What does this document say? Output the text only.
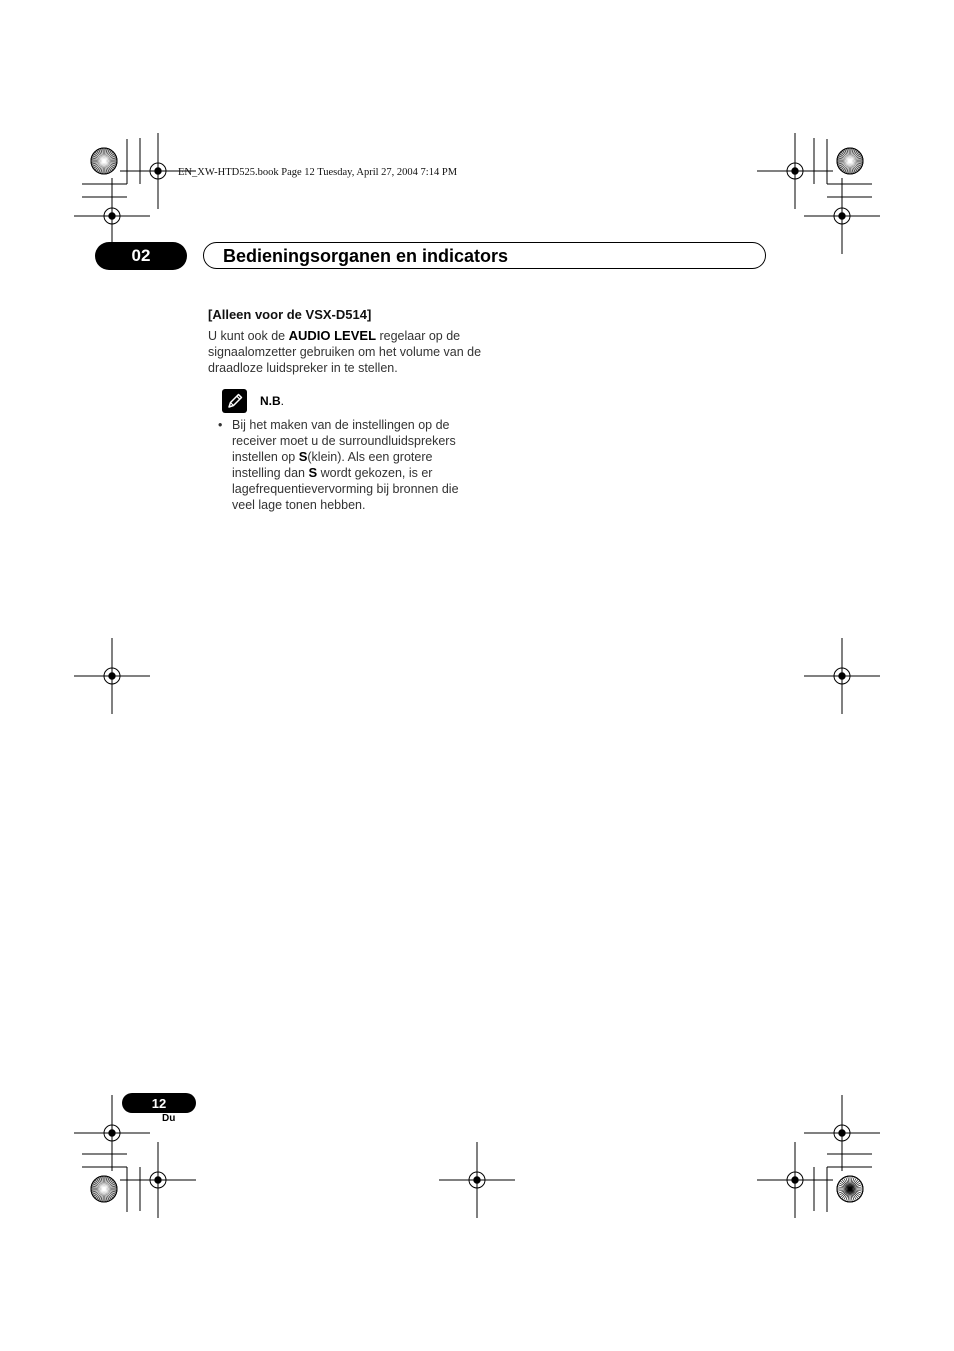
EN_XW-HTD525.book Page 12 Tuesday, April 27, 2004 7:14 PM
02	Bedieningsorganen en indicators
[Alleen voor de VSX-D514]
U kunt ook de AUDIO LEVEL regelaar op de signaalomzetter gebruiken om het volume van de draadloze luidspreker in te stellen.
N.B.
• Bij het maken van de instellingen op de receiver moet u de surroundluidsprekers instellen op S(klein). Als een grotere instelling dan S wordt gekozen, is er lagefrequentievervorming bij bronnen die veel lage tonen hebben.
12
Du
